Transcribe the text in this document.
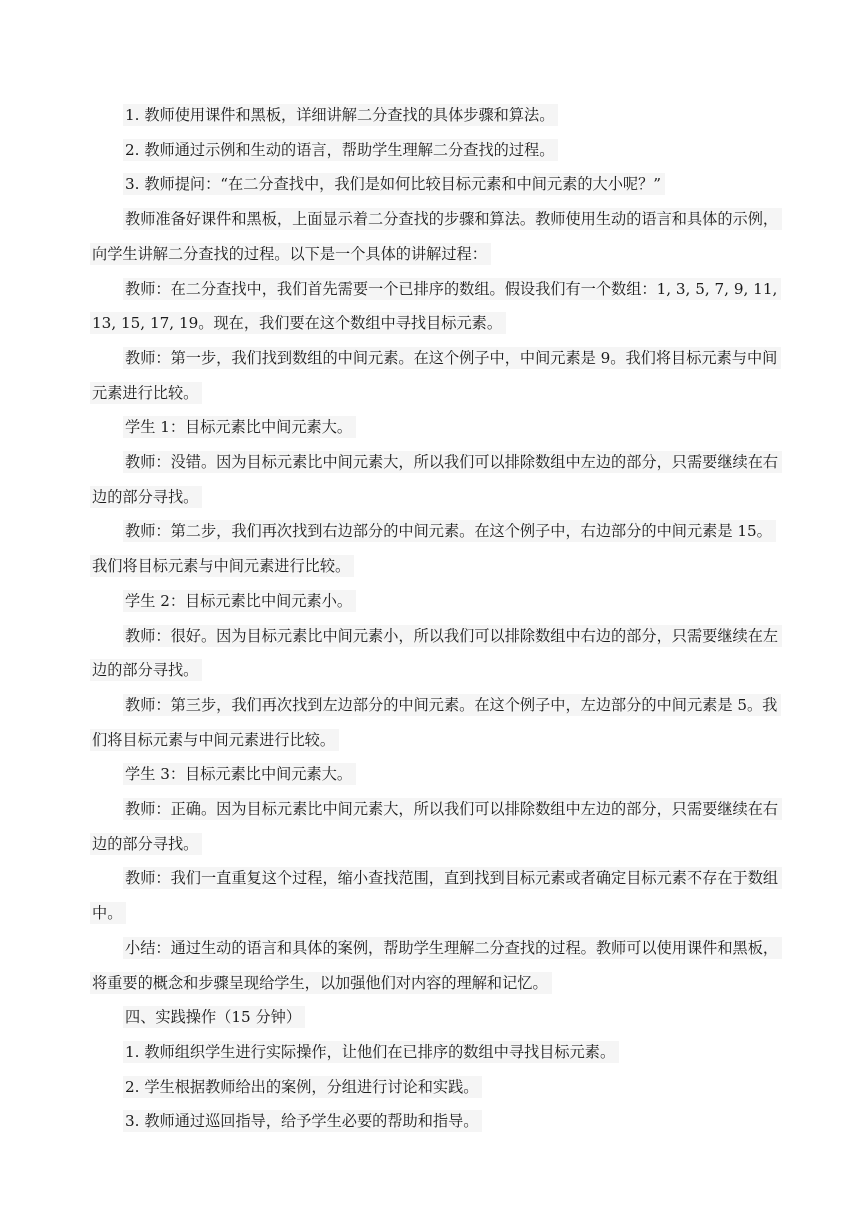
1. 教师使用课件和黑板，详细讲解二分查找的具体步骤和算法。

2. 教师通过示例和生动的语言，帮助学生理解二分查找的过程。

3. 教师提问：“在二分查找中，我们是如何比较目标元素和中间元素的大小呢？”

教师准备好课件和黑板，上面显示着二分查找的步骤和算法。教师使用生动的语言和具体的示例，向学生讲解二分查找的过程。以下是一个具体的讲解过程：

教师：在二分查找中，我们首先需要一个已排序的数组。假设我们有一个数组：1, 3, 5, 7, 9, 11, 13, 15, 17, 19。现在，我们要在这个数组中寻找目标元素。

教师：第一步，我们找到数组的中间元素。在这个例子中，中间元素是 9。我们将目标元素与中间元素进行比较。

学生 1：目标元素比中间元素大。

教师：没错。因为目标元素比中间元素大，所以我们可以排除数组中左边的部分，只需要继续在右边的部分寻找。

教师：第二步，我们再次找到右边部分的中间元素。在这个例子中，右边部分的中间元素是 15。我们将目标元素与中间元素进行比较。

学生 2：目标元素比中间元素小。

教师：很好。因为目标元素比中间元素小，所以我们可以排除数组中右边的部分，只需要继续在左边的部分寻找。

教师：第三步，我们再次找到左边部分的中间元素。在这个例子中，左边部分的中间元素是 5。我们将目标元素与中间元素进行比较。

学生 3：目标元素比中间元素大。

教师：正确。因为目标元素比中间元素大，所以我们可以排除数组中左边的部分，只需要继续在右边的部分寻找。

教师：我们一直重复这个过程，缩小查找范围，直到找到目标元素或者确定目标元素不存在于数组中。

小结：通过生动的语言和具体的案例，帮助学生理解二分查找的过程。教师可以使用课件和黑板，将重要的概念和步骤呈现给学生，以加强他们对内容的理解和记忆。

四、实践操作（15 分钟）

1. 教师组织学生进行实际操作，让他们在已排序的数组中寻找目标元素。

2. 学生根据教师给出的案例，分组进行讨论和实践。

3. 教师通过巡回指导，给予学生必要的帮助和指导。
